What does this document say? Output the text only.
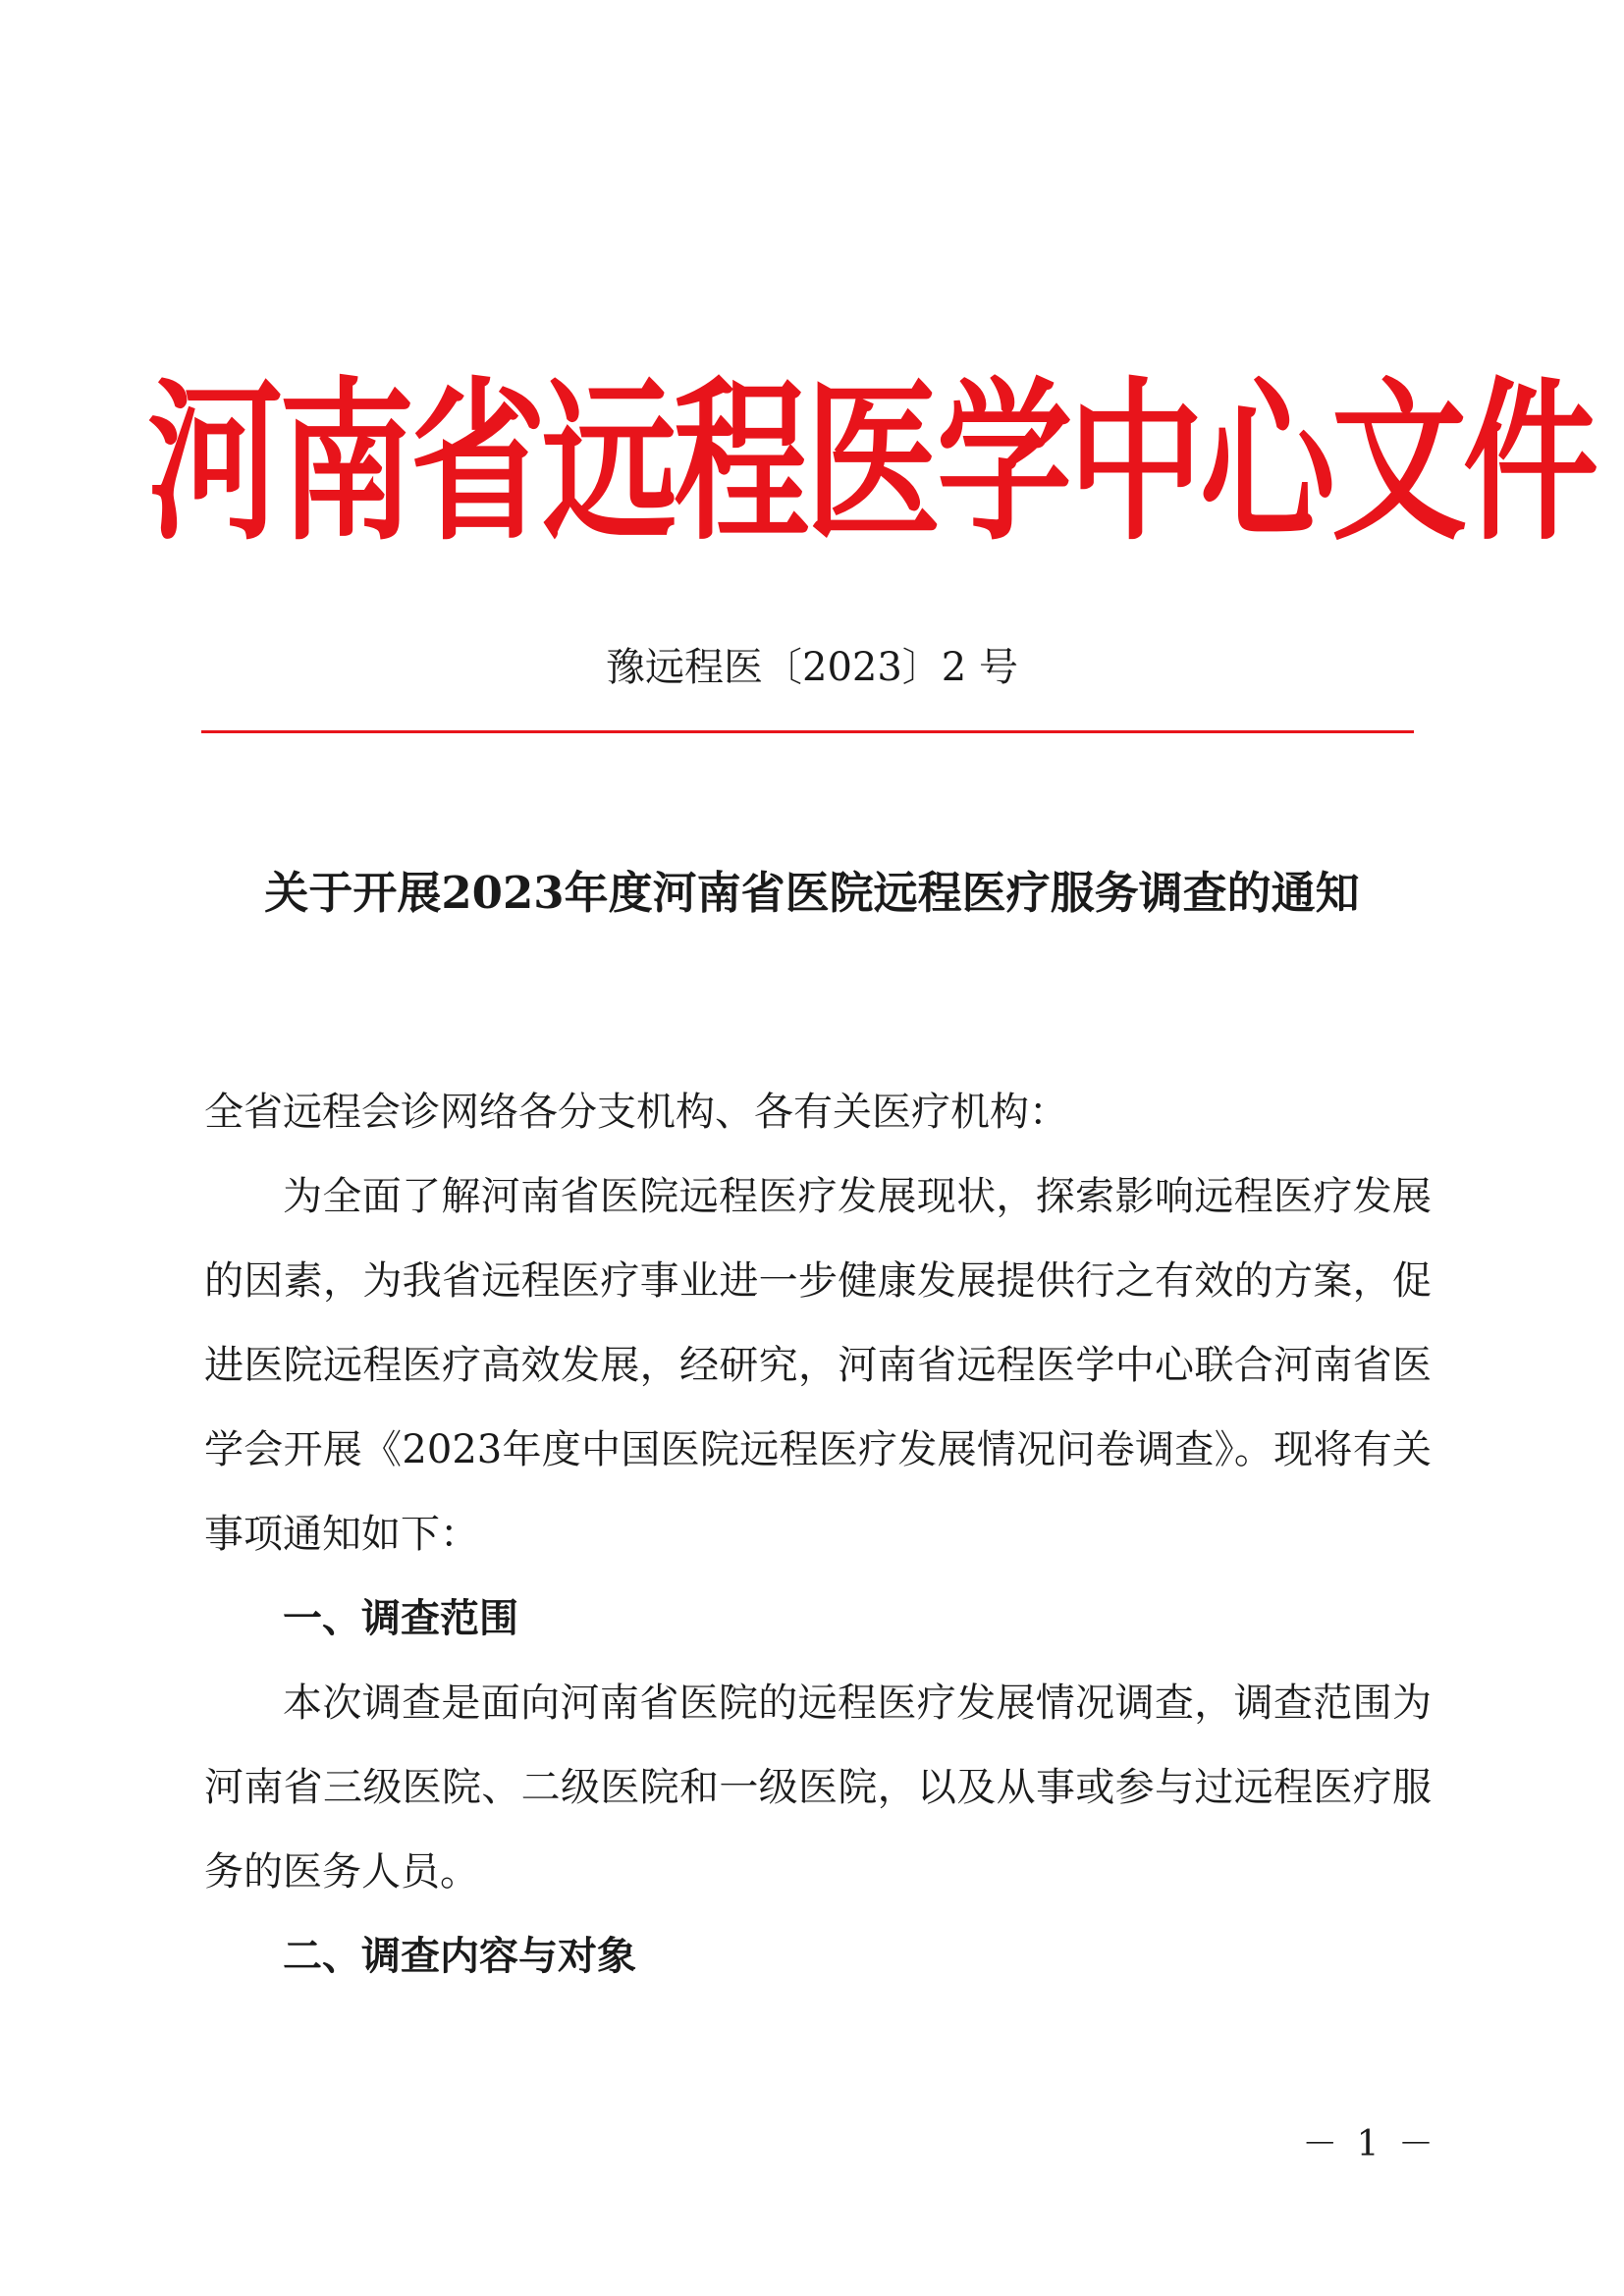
河南省远程医学中心文件
豫远程医〔2023〕2 号
关于开展2023年度河南省医院远程医疗服务调查的通知
全省远程会诊网络各分支机构、各有关医疗机构：
为全面了解河南省医院远程医疗发展现状，探索影响远程医疗发展的因素，为我省远程医疗事业进一步健康发展提供行之有效的方案，促进医院远程医疗高效发展，经研究，河南省远程医学中心联合河南省医学会开展《2023年度中国医院远程医疗发展情况问卷调查》。现将有关事项通知如下：
一、调查范围
本次调查是面向河南省医院的远程医疗发展情况调查，调查范围为河南省三级医院、二级医院和一级医院，以及从事或参与过远程医疗服务的医务人员。
二、调查内容与对象
－ 1 －
